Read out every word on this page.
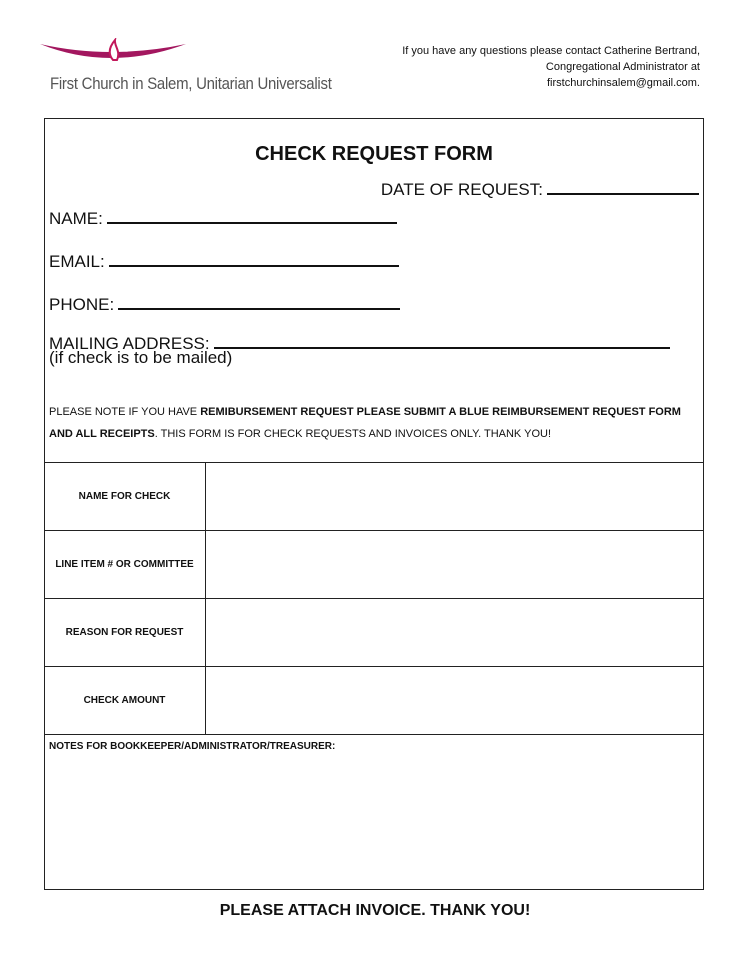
First Church in Salem, Unitarian Universalist
If you have any questions please contact Catherine Bertrand,
Congregational Administrator at
firstchurchinsalem@gmail.com.
CHECK REQUEST FORM
DATE OF REQUEST:
NAME:
EMAIL:
PHONE:
MAILING ADDRESS:
(if check is to be mailed)
PLEASE NOTE IF YOU HAVE REMIBURSEMENT REQUEST PLEASE SUBMIT A BLUE REIMBURSEMENT REQUEST FORM AND ALL RECEIPTS. THIS FORM IS FOR CHECK REQUESTS AND INVOICES ONLY. THANK YOU!
NAME FOR CHECK	
LINE ITEM # OR COMMITTEE	
REASON FOR REQUEST	
CHECK AMOUNT	
NOTES FOR BOOKKEEPER/ADMINISTRATOR/TREASURER:
PLEASE ATTACH INVOICE. THANK YOU!
